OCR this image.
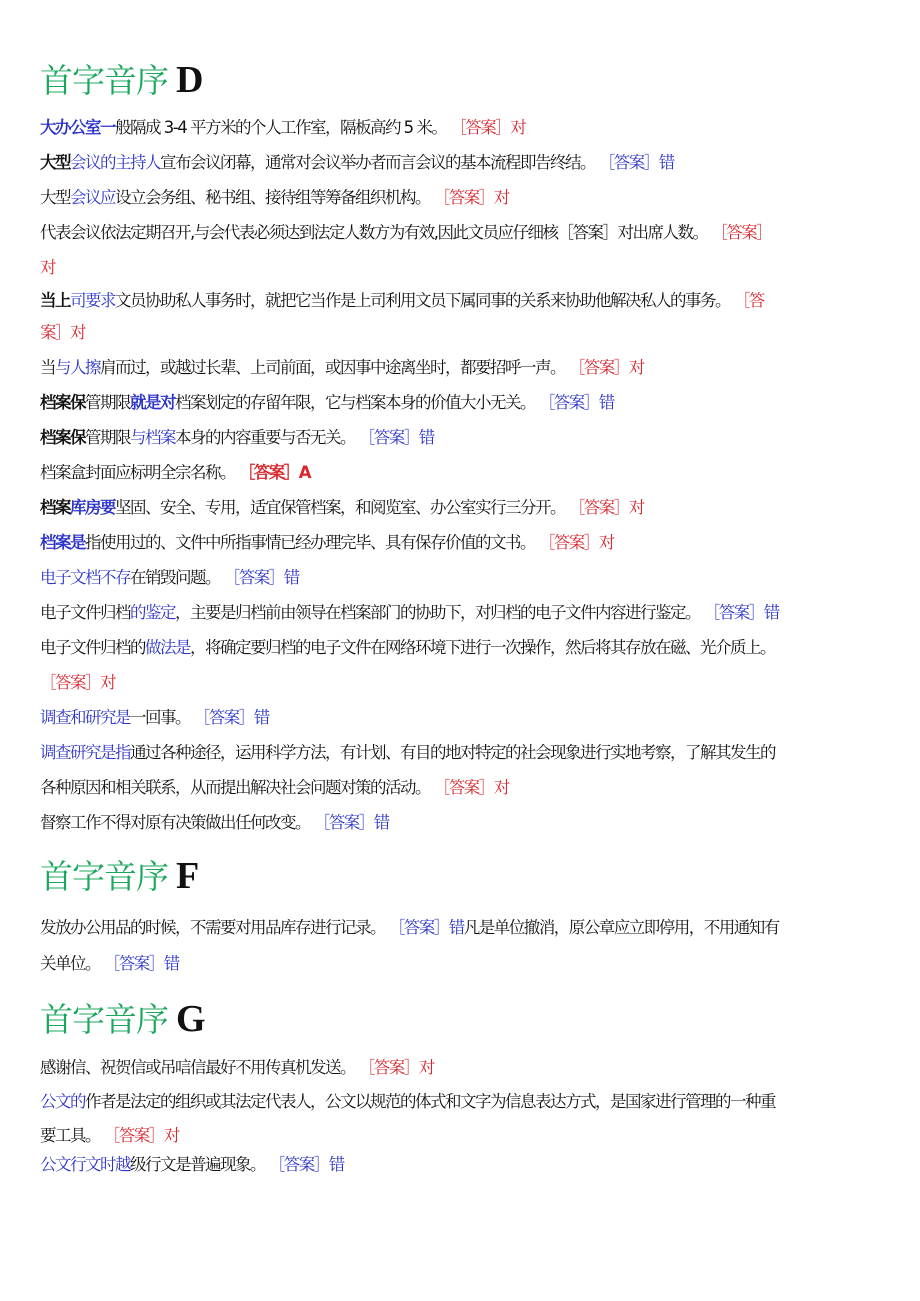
首字音序 D

大办公室一般隔成 3-4 平方米的个人工作室，隔板高约 5 米。 ［答案］对

大型会议的主持人宣布会议闭幕，通常对会议举办者而言会议的基本流程即告终结。 ［答案］错

大型会议应设立会务组、秘书组、接待组等筹备组织机构。 ［答案］对

代表会议依法定期召开,与会代表必须达到法定人数方为有效,因此文员应仔细核［答案］对出席人数。 ［答案］

对

当上司要求文员协助私人事务时，就把它当作是上司利用文员下属同事的关系来协助他解决私人的事务。 ［答

案］对

当与人擦肩而过，或越过长辈、上司前面，或因事中途离坐时，都要招呼一声。 ［答案］对

档案保管期限就是对档案划定的存留年限，它与档案本身的价值大小无关。 ［答案］错

档案保管期限与档案本身的内容重要与否无关。 ［答案］错

档案盒封面应标明全宗名称。 ［答案］A

档案库房要坚固、安全、专用，适宜保管档案，和阅览室、办公室实行三分开。 ［答案］对

档案是指使用过的、文件中所指事情已经办理完毕、具有保存价值的文书。 ［答案］对

电子文档不存在销毁问题。 ［答案］错

电子文件归档的鉴定，主要是归档前由领导在档案部门的协助下，对归档的电子文件内容进行鉴定。 ［答案］错

电子文件归档的做法是，将确定要归档的电子文件在网络环境下进行一次操作，然后将其存放在磁、光介质上。

［答案］对

调查和研究是一回事。 ［答案］错

调查研究是指通过各种途径，运用科学方法，有计划、有目的地对特定的社会现象进行实地考察，了解其发生的

各种原因和相关联系，从而提出解决社会问题对策的活动。 ［答案］对

督察工作不得对原有决策做出任何改变。 ［答案］错

首字音序 F

发放办公用品的时候，不需要对用品库存进行记录。 ［答案］错凡是单位撤消，原公章应立即停用，不用通知有

关单位。 ［答案］错

首字音序 G

感谢信、祝贺信或吊唁信最好不用传真机发送。 ［答案］对

公文的作者是法定的组织或其法定代表人，公文以规范的体式和文字为信息表达方式，是国家进行管理的一种重

要工具。 ［答案］对

公文行文时越级行文是普遍现象。 ［答案］错
